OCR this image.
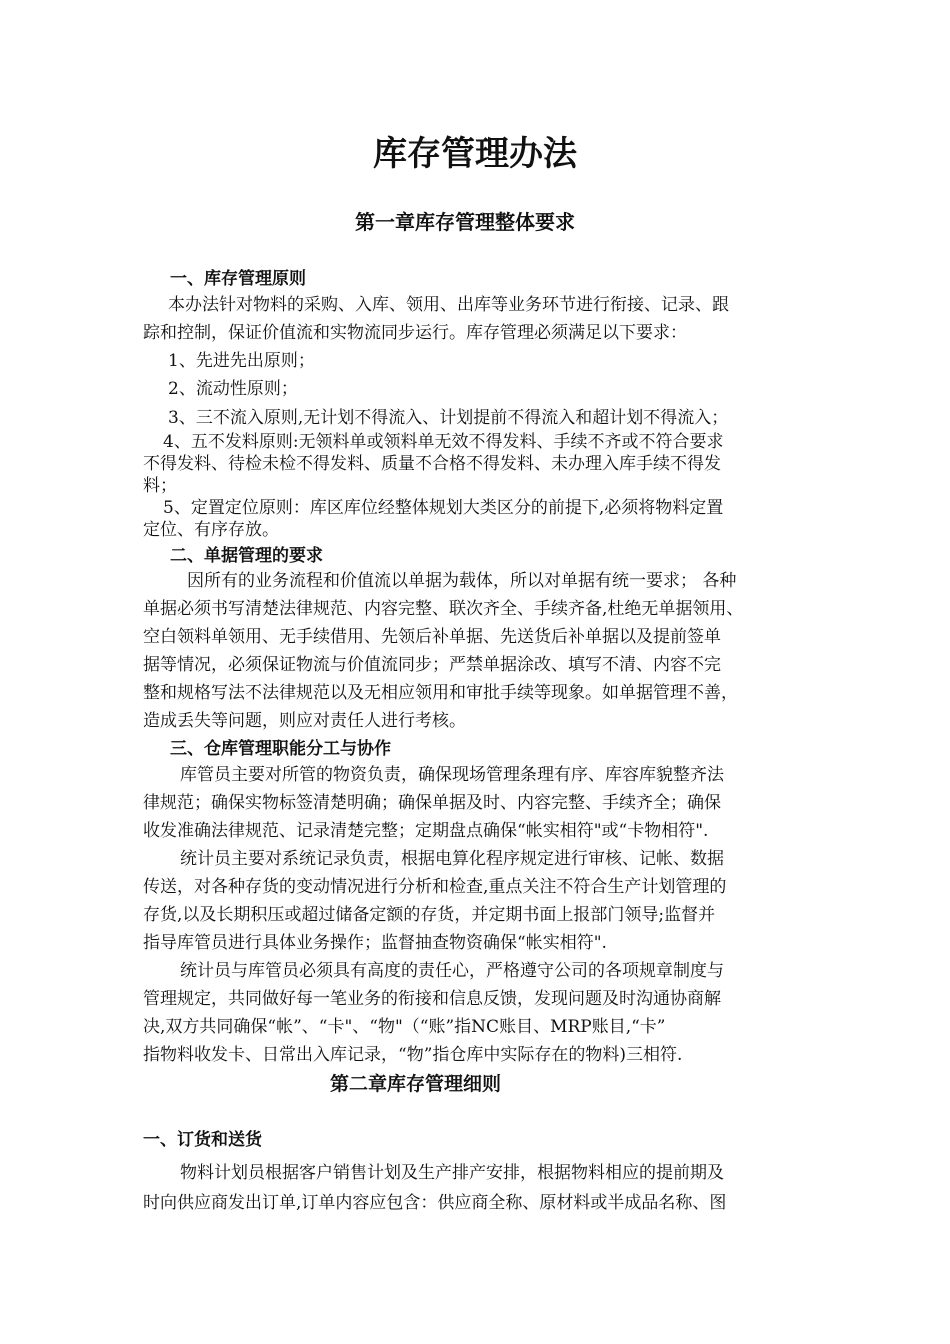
库存管理办法
第一章库存管理整体要求
一、库存管理原则
本办法针对物料的采购、入库、领用、出库等业务环节进行衔接、记录、跟
踪和控制，保证价值流和实物流同步运行。库存管理必须满足以下要求：
1、先进先出原则；
2、流动性原则；
3、三不流入原则,无计划不得流入、计划提前不得流入和超计划不得流入；
4、五不发料原则:无领料单或领料单无效不得发料、手续不齐或不符合要求
不得发料、待检未检不得发料、质量不合格不得发料、未办理入库手续不得发
料；
5、定置定位原则：库区库位经整体规划大类区分的前提下,必须将物料定置
定位、有序存放。
二、单据管理的要求
因所有的业务流程和价值流以单据为载体，所以对单据有统一要求； 各种
单据必须书写清楚法律规范、内容完整、联次齐全、手续齐备,杜绝无单据领用、
空白领料单领用、无手续借用、先领后补单据、先送货后补单据以及提前签单
据等情况，必须保证物流与价值流同步；严禁单据涂改、填写不清、内容不完
整和规格写法不法律规范以及无相应领用和审批手续等现象。如单据管理不善，
造成丢失等问题，则应对责任人进行考核。
三、仓库管理职能分工与协作
库管员主要对所管的物资负责，确保现场管理条理有序、库容库貌整齐法
律规范；确保实物标签清楚明确；确保单据及时、内容完整、手续齐全；确保
收发准确法律规范、记录清楚完整；定期盘点确保“帐实相符"或“卡物相符".
统计员主要对系统记录负责，根据电算化程序规定进行审核、记帐、数据
传送，对各种存货的变动情况进行分析和检查,重点关注不符合生产计划管理的
存货,以及长期积压或超过储备定额的存货，并定期书面上报部门领导;监督并
指导库管员进行具体业务操作；监督抽查物资确保“帐实相符".
统计员与库管员必须具有高度的责任心，严格遵守公司的各项规章制度与
管理规定，共同做好每一笔业务的衔接和信息反馈，发现问题及时沟通协商解
决,双方共同确保“帐”、“卡"、“物"（“账”指NC账目、MRP账目,“卡”
指物料收发卡、日常出入库记录，“物”指仓库中实际存在的物料)三相符.
第二章库存管理细则
一、订货和送货
物料计划员根据客户销售计划及生产排产安排，根据物料相应的提前期及
时向供应商发出订单,订单内容应包含：供应商全称、原材料或半成品名称、图
